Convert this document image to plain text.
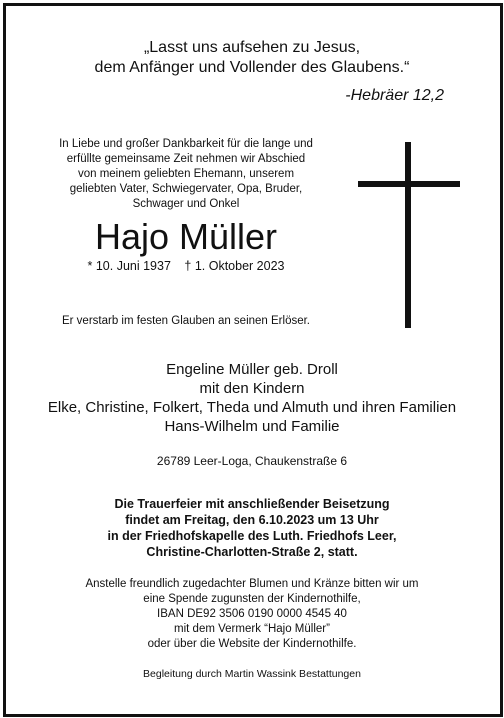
„Lasst uns aufsehen zu Jesus,
dem Anfänger und Vollender des Glaubens.“
-Hebräer 12,2
In Liebe und großer Dankbarkeit für die lange und
erfüllte gemeinsame Zeit nehmen wir Abschied
von meinem geliebten Ehemann, unserem
geliebten Vater, Schwiegervater, Opa, Bruder,
Schwager und Onkel
Hajo Müller
* 10. Juni 1937 † 1. Oktober 2023
Er verstarb im festen Glauben an seinen Erlöser.
Engeline Müller geb. Droll
mit den Kindern
Elke, Christine, Folkert, Theda und Almuth und ihren Familien
Hans-Wilhelm und Familie
26789 Leer-Loga, Chaukenstraße 6
Die Trauerfeier mit anschließender Beisetzung
findet am Freitag, den 6.10.2023 um 13 Uhr
in der Friedhofskapelle des Luth. Friedhofs Leer,
Christine-Charlotten-Straße 2, statt.
Anstelle freundlich zugedachter Blumen und Kränze bitten wir um
eine Spende zugunsten der Kindernothilfe,
IBAN DE92 3506 0190 0000 4545 40
mit dem Vermerk “Hajo Müller”
oder über die Website der Kindernothilfe.
Begleitung durch Martin Wassink Bestattungen
